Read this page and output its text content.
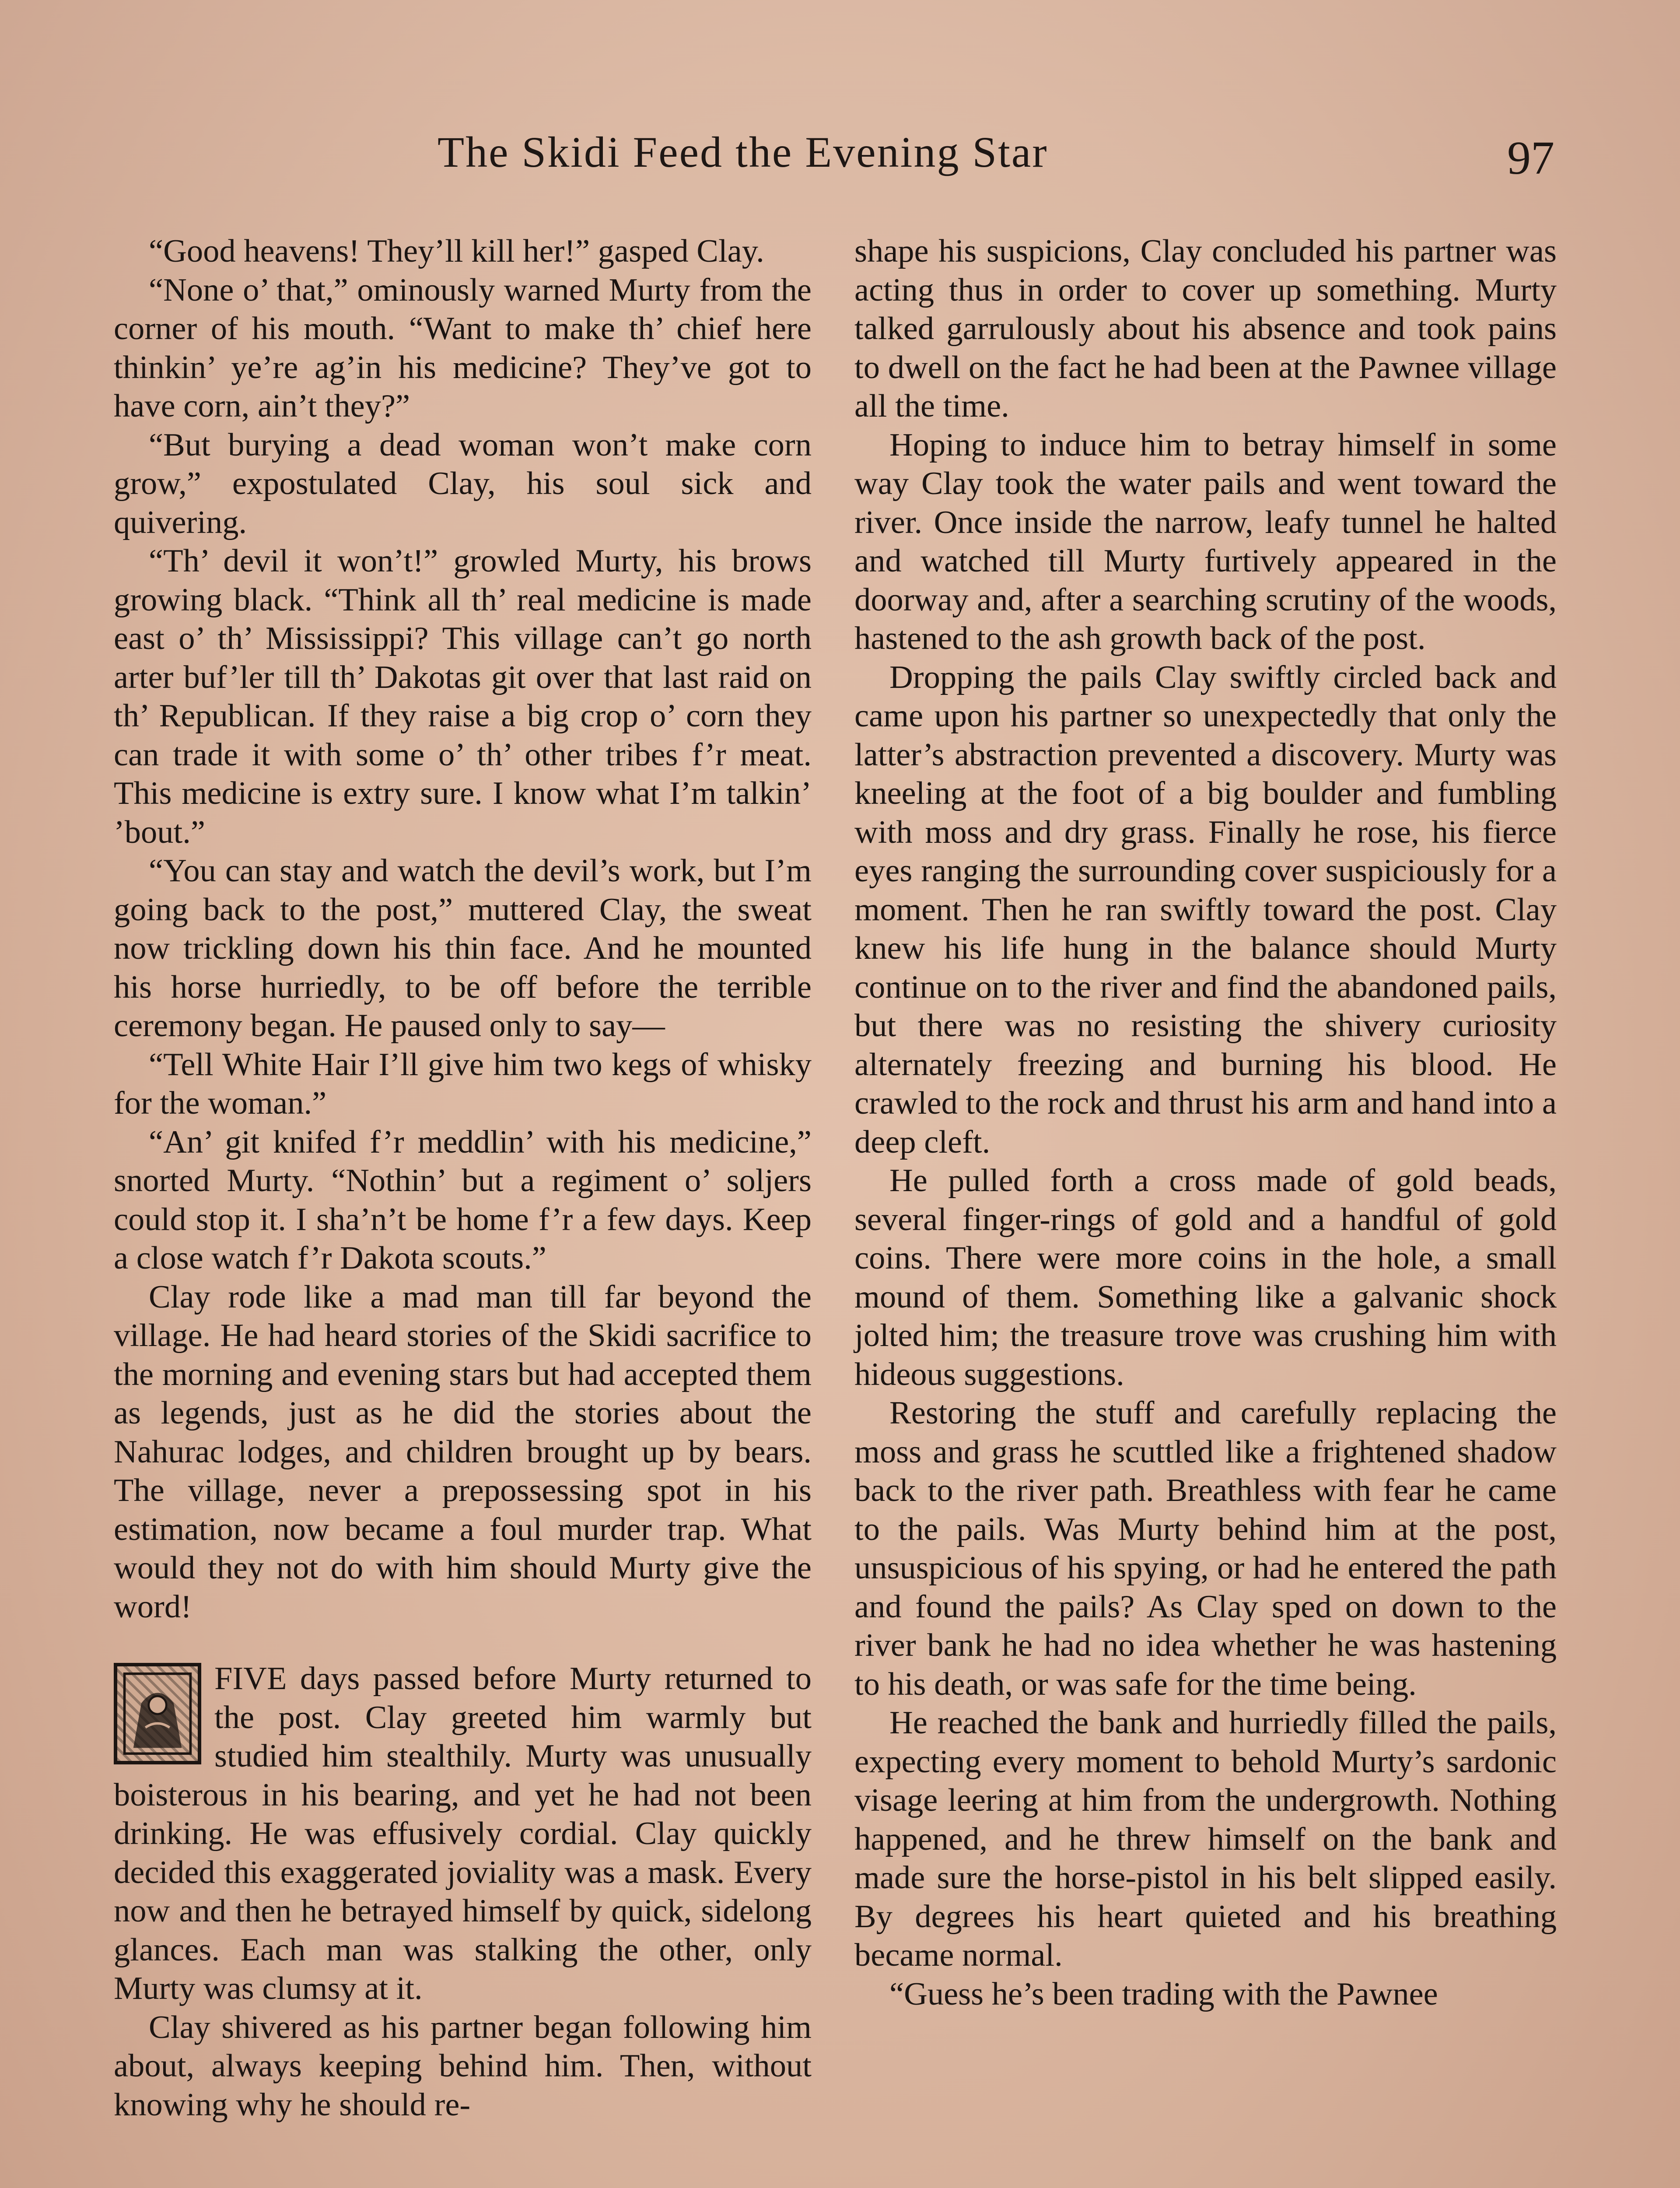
The Skidi Feed the Evening Star	97

“Good heavens! They’ll kill her!” gasped Clay.

“None o’ that,” ominously warned Murty from the corner of his mouth. “Want to make th’ chief here thinkin’ ye’re ag’in his medicine? They’ve got to have corn, ain’t they?”

“But burying a dead woman won’t make corn grow,” expostulated Clay, his soul sick and quivering.

“Th’ devil it won’t!” growled Murty, his brows growing black. “Think all th’ real medicine is made east o’ th’ Mississippi? This village can’t go north arter buf’ler till th’ Dakotas git over that last raid on th’ Republican. If they raise a big crop o’ corn they can trade it with some o’ th’ other tribes f’r meat. This medicine is extry sure. I know what I’m talkin’ ’bout.”

“You can stay and watch the devil’s work, but I’m going back to the post,” muttered Clay, the sweat now trickling down his thin face. And he mounted his horse hurriedly, to be off before the terrible ceremony began. He paused only to say—

“Tell White Hair I’ll give him two kegs of whisky for the woman.”

“An’ git knifed f’r meddlin’ with his medicine,” snorted Murty. “Nothin’ but a regiment o’ soljers could stop it. I sha’n’t be home f’r a few days. Keep a close watch f’r Dakota scouts.”

Clay rode like a mad man till far beyond the village. He had heard stories of the Skidi sacrifice to the morning and evening stars but had accepted them as legends, just as he did the stories about the Nahurac lodges, and children brought up by bears. The village, never a prepossessing spot in his estimation, now became a foul murder trap. What would they not do with him should Murty give the word!

FIVE days passed before Murty returned to the post. Clay greeted him warmly but studied him stealthily. Murty was unusually boisterous in his bearing, and yet he had not been drinking. He was effusively cordial. Clay quickly decided this exaggerated joviality was a mask. Every now and then he betrayed himself by quick, sidelong glances. Each man was stalking the other, only Murty was clumsy at it.

Clay shivered as his partner began following him about, always keeping behind him. Then, without knowing why he should re-

shape his suspicions, Clay concluded his partner was acting thus in order to cover up something. Murty talked garrulously about his absence and took pains to dwell on the fact he had been at the Pawnee village all the time.

Hoping to induce him to betray himself in some way Clay took the water pails and went toward the river. Once inside the narrow, leafy tunnel he halted and watched till Murty furtively appeared in the doorway and, after a searching scrutiny of the woods, hastened to the ash growth back of the post.

Dropping the pails Clay swiftly circled back and came upon his partner so unexpectedly that only the latter’s abstraction prevented a discovery. Murty was kneeling at the foot of a big boulder and fumbling with moss and dry grass. Finally he rose, his fierce eyes ranging the surrounding cover suspiciously for a moment. Then he ran swiftly toward the post. Clay knew his life hung in the balance should Murty continue on to the river and find the abandoned pails, but there was no resisting the shivery curiosity alternately freezing and burning his blood. He crawled to the rock and thrust his arm and hand into a deep cleft.

He pulled forth a cross made of gold beads, several finger-rings of gold and a handful of gold coins. There were more coins in the hole, a small mound of them. Something like a galvanic shock jolted him; the treasure trove was crushing him with hideous suggestions.

Restoring the stuff and carefully replacing the moss and grass he scuttled like a frightened shadow back to the river path. Breathless with fear he came to the pails. Was Murty behind him at the post, unsuspicious of his spying, or had he entered the path and found the pails? As Clay sped on down to the river bank he had no idea whether he was hastening to his death, or was safe for the time being.

He reached the bank and hurriedly filled the pails, expecting every moment to behold Murty’s sardonic visage leering at him from the undergrowth. Nothing happened, and he threw himself on the bank and made sure the horse-pistol in his belt slipped easily. By degrees his heart quieted and his breathing became normal.

“Guess he’s been trading with the Pawnee
